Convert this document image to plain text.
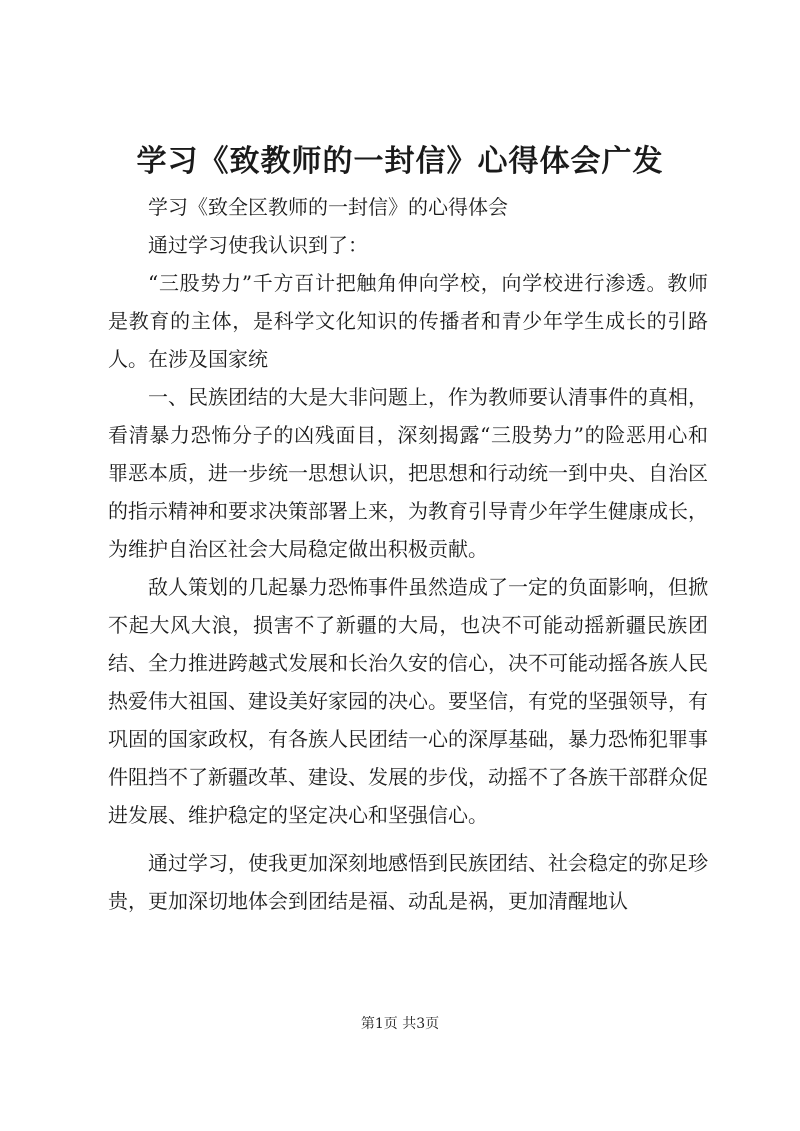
学习《致教师的一封信》心得体会广发

学习《致全区教师的一封信》的心得体会

通过学习使我认识到了：

“三股势力”千方百计把触角伸向学校，向学校进行渗透。教师是教育的主体，是科学文化知识的传播者和青少年学生成长的引路人。在涉及国家统

一、民族团结的大是大非问题上，作为教师要认清事件的真相，看清暴力恐怖分子的凶残面目，深刻揭露“三股势力”的险恶用心和罪恶本质，进一步统一思想认识，把思想和行动统一到中央、自治区的指示精神和要求决策部署上来，为教育引导青少年学生健康成长，为维护自治区社会大局稳定做出积极贡献。

敌人策划的几起暴力恐怖事件虽然造成了一定的负面影响，但掀不起大风大浪，损害不了新疆的大局，也决不可能动摇新疆民族团结、全力推进跨越式发展和长治久安的信心，决不可能动摇各族人民热爱伟大祖国、建设美好家园的决心。要坚信，有党的坚强领导，有巩固的国家政权，有各族人民团结一心的深厚基础，暴力恐怖犯罪事件阻挡不了新疆改革、建设、发展的步伐，动摇不了各族干部群众促进发展、维护稳定的坚定决心和坚强信心。

通过学习，使我更加深刻地感悟到民族团结、社会稳定的弥足珍贵，更加深切地体会到团结是福、动乱是祸，更加清醒地认

第1页 共3页
